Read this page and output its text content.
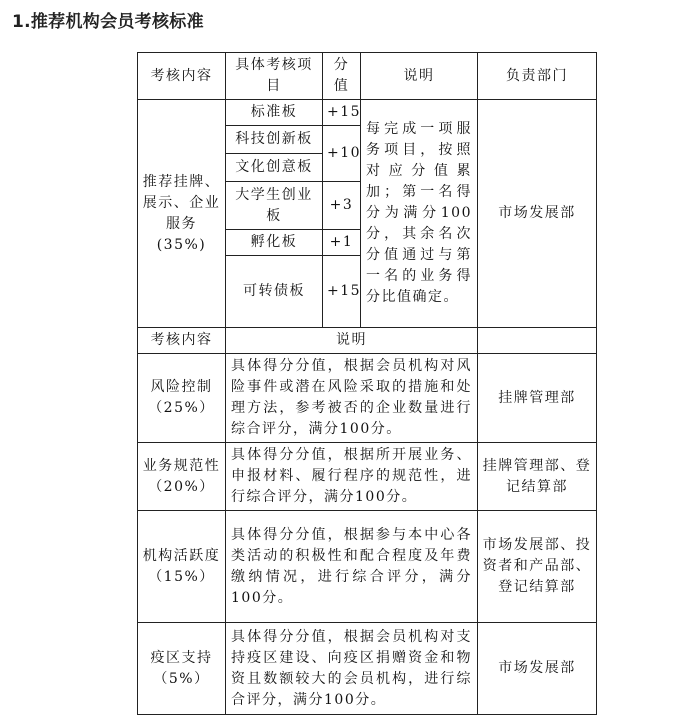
1.推荐机构会员考核标准
考核内容	具体考核项目	分值	说明	负责部门
推荐挂牌、展示、企业服务(35%)	标准板	+15	每完成一项服务项目，按照对应分值累加；第一名得分为满分100分，其余名次分值通过与第一名的业务得分比值确定。	市场发展部
	科技创新板	+10		
	文化创意板			
	大学生创业板	+3		
	孵化板	+1		
	可转债板	+15		

考核内容	说明			
风险控制（25%）	具体得分分值，根据会员机构对风险事件或潜在风险采取的措施和处理方法，参考被否的企业数量进行综合评分，满分100分。			挂牌管理部
业务规范性（20%）	具体得分分值，根据所开展业务、申报材料、履行程序的规范性，进行综合评分，满分100分。			挂牌管理部、登记结算部
机构活跃度（15%）	具体得分分值，根据参与本中心各类活动的积极性和配合程度及年费缴纳情况，进行综合评分，满分100分。			市场发展部、投资者和产品部、登记结算部
疫区支持（5%）	具体得分分值，根据会员机构对支持疫区建设、向疫区捐赠资金和物资且数额较大的会员机构，进行综合评分，满分100分。			市场发展部
